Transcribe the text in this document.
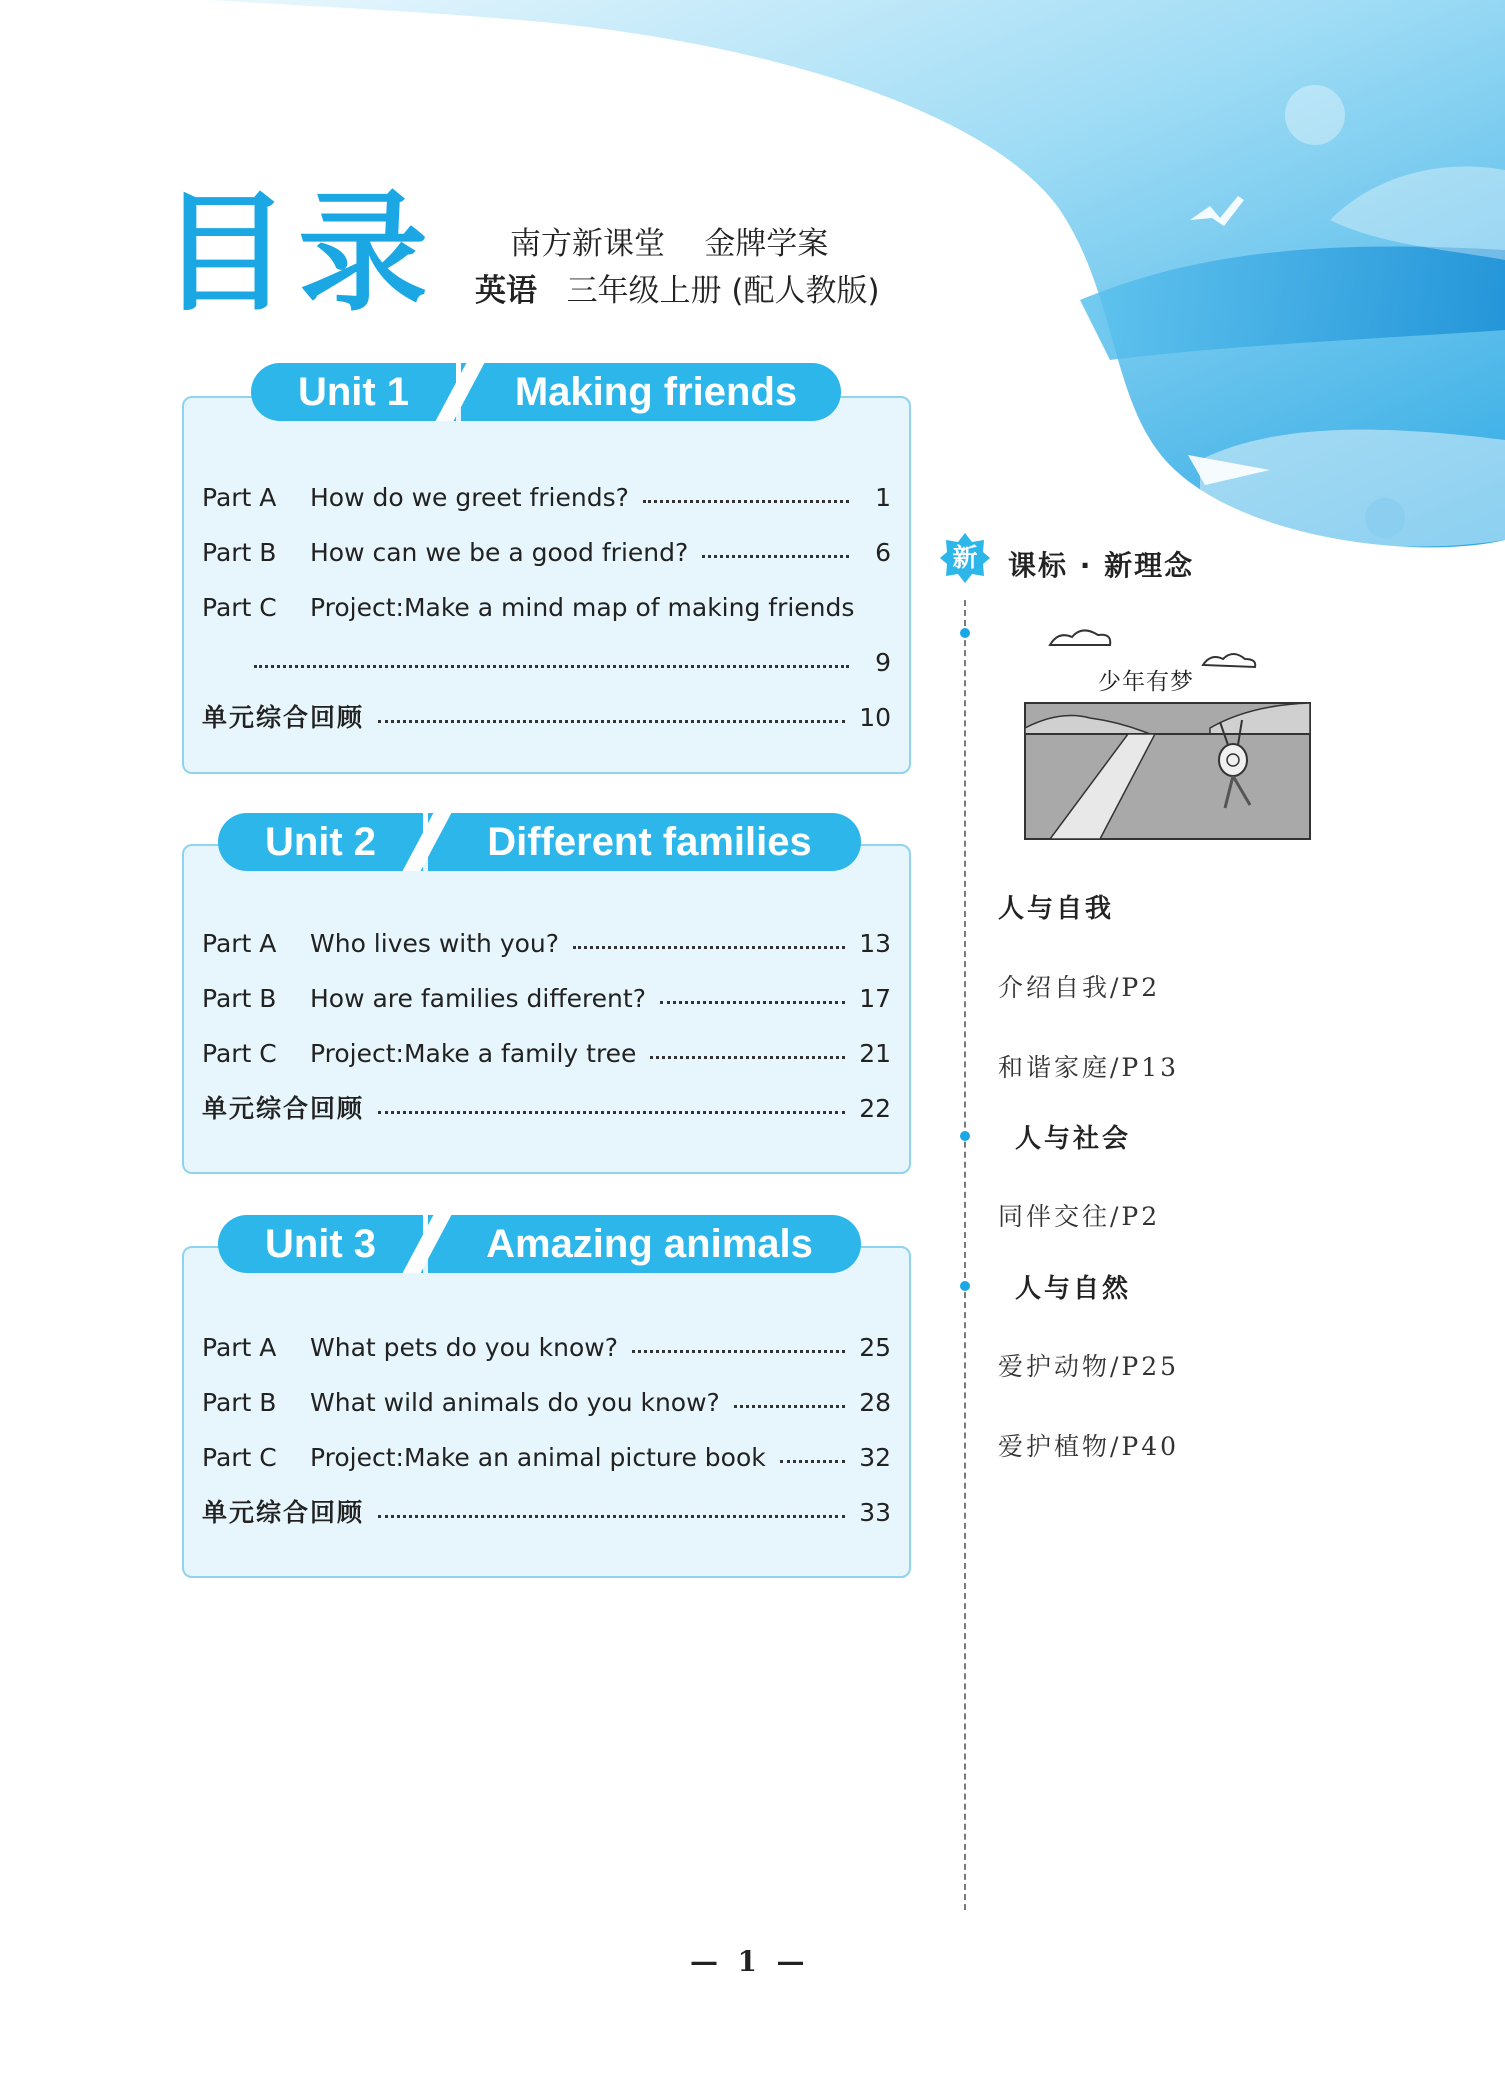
目录 南方新课堂    金牌学案
英语 三年级上册 (配人教版)
Part A	How do we greet friends?	1
Part B	How can we be a good friend?	6
Part C	Project:Make a mind map of making friends
9
单元综合回顾	10
Unit 1	Making friends
Part A	Who lives with you?	13
Part B	How are families different?	17
Part C	Project:Make a family tree	21
单元综合回顾	22
Unit 2	Different families
Part A	What pets do you know?	25
Part B	What wild animals do you know?	28
Part C	Project:Make an animal picture book	32
单元综合回顾	33
Unit 3	Amazing animals
新	课标 · 新理念
少年有梦
人与自我
介绍自我/P2
和谐家庭/P13
人与社会
同伴交往/P2
人与自然
爱护动物/P25
爱护植物/P40
—  1  —
